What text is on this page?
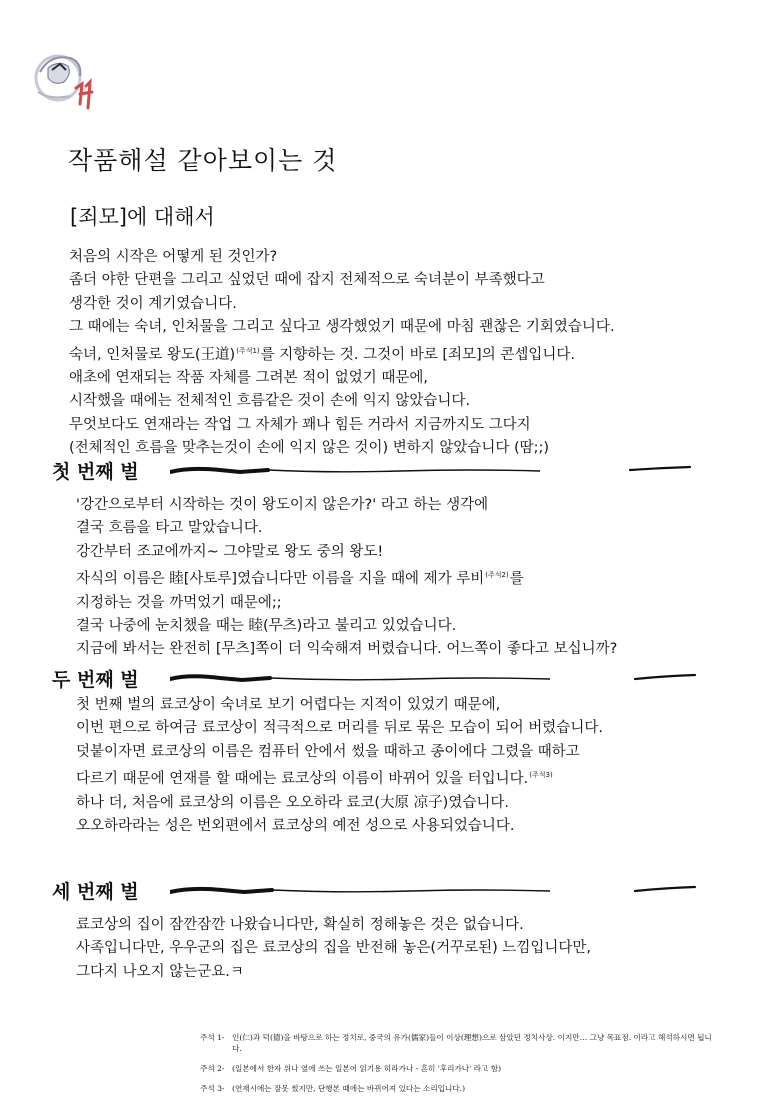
작품해설 같아보이는 것
[죄모]에 대해서
처음의 시작은 어떻게 된 것인가?
좀더 야한 단편을 그리고 싶었던 때에 잡지 전체적으로 숙녀분이 부족했다고
생각한 것이 계기였습니다.
그 때에는 숙녀, 인처물을 그리고 싶다고 생각했었기 때문에 마침 괜찮은 기회였습니다.
숙녀, 인처물로 왕도(王道)$^{(주석1)}$를 지향하는 것. 그것이 바로 [죄모]의 콘셉입니다.
애초에 연재되는 작품 자체를 그려본 적이 없었기 때문에,
시작했을 때에는 전체적인 흐름같은 것이 손에 익지 않았습니다.
무엇보다도 연재라는 작업 그 자체가 꽤나 힘든 거라서 지금까지도 그다지
(전체적인 흐름을 맞추는것이 손에 익지 않은 것이) 변하지 않았습니다 (땀;;)
첫 번째 벌
'강간으로부터 시작하는 것이 왕도이지 않은가?' 라고 하는 생각에
결국 흐름을 타고 말았습니다.
강간부터 조교에까지~ 그야말로 왕도 중의 왕도!
자식의 이름은 睦[사토루]였습니다만 이름을 지을 때에 제가 루비$^{(주석2)}$를
지정하는 것을 까먹었기 때문에;;
결국 나중에 눈치챘을 때는 睦(무츠)라고 불리고 있었습니다.
지금에 봐서는 완전히 [무츠]쪽이 더 익숙해져 버렸습니다. 어느쪽이 좋다고 보십니까?
두 번째 벌
첫 번째 벌의 료코상이 숙녀로 보기 어렵다는 지적이 있었기 때문에,
이번 편으로 하여금 료코상이 적극적으로 머리를 뒤로 묶은 모습이 되어 버렸습니다.
덧붙이자면 료코상의 이름은 컴퓨터 안에서 썼을 때하고 종이에다 그렸을 때하고
다르기 때문에 연재를 할 때에는 료코상의 이름이 바뀌어 있을 터입니다.$^{(주석3)}$
하나 더, 처음에 료코상의 이름은 오오하라 료코(大原 凉子)였습니다.
오오하라라는 성은 번외편에서 료코상의 예전 성으로 사용되었습니다.
세 번째 벌
료코상의 집이 잠깐잠깐 나왔습니다만, 확실히 정해놓은 것은 없습니다.
사족입니다만, 우우군의 집은 료코상의 집을 반전해 놓은(거꾸로된) 느낌입니다만,
그다지 나오지 않는군요.ㅋ
주석 1- 인(仁)과 덕(德)을 바탕으로 하는 정치로, 중국의 유가(儒家)들이 이상(理想)으로 삼았던 정치사상. 이지만… 그냥 목표점. 이라고 해석하시면 됩니다.
주석 2- (일본에서 한자 위나 옆에 쓰는 일본어 읽기용 히라가나 - 흔히 '후리가나' 라고 함)
주석 3- (연재시에는 잘못 썼지만, 단행본 때에는 바뀌어져 있다는 소리입니다.)
